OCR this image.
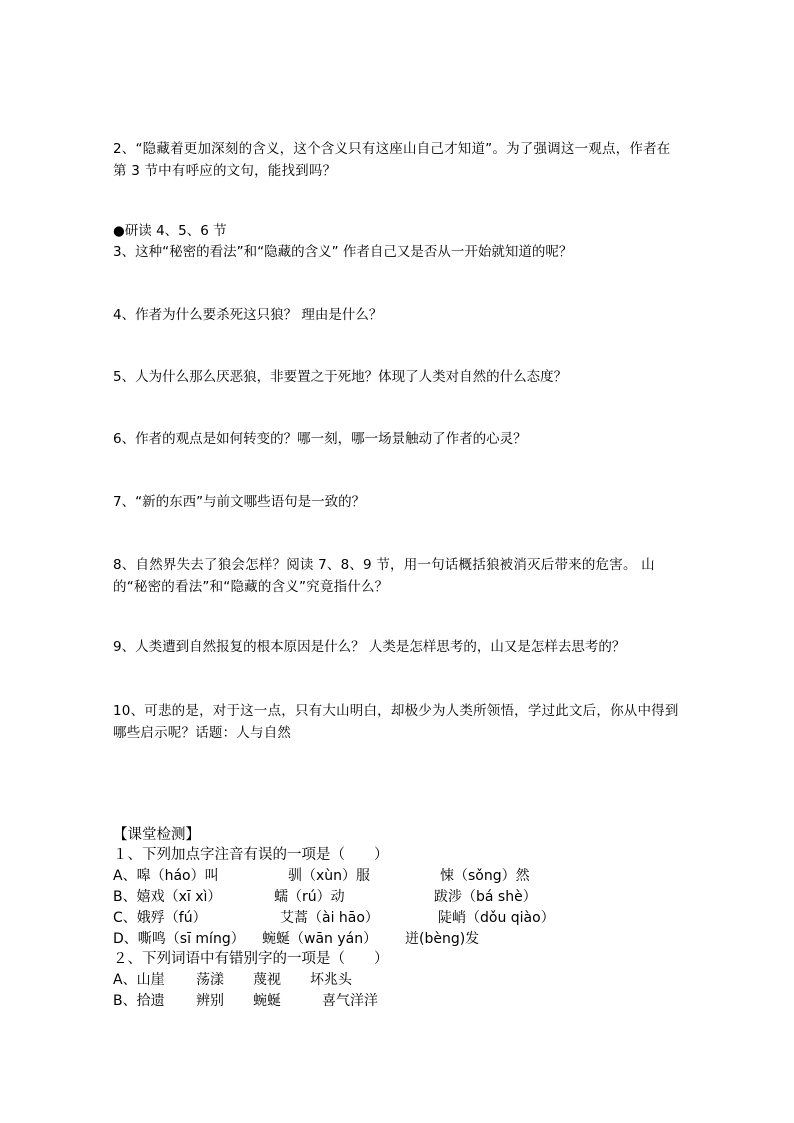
2、“隐藏着更加深刻的含义，这个含义只有这座山自己才知道”。为了强调这一观点，作者在第 3 节中有呼应的文句，能找到吗？
●研读 4、5、6 节
3、这种“秘密的看法”和“隐藏的含义” 作者自己又是否从一开始就知道的呢？
4、作者为什么要杀死这只狼？ 理由是什么？
5、人为什么那么厌恶狼，非要置之于死地？体现了人类对自然的什么态度？
6、作者的观点是如何转变的？哪一刻，哪一场景触动了作者的心灵？
7、“新的东西”与前文哪些语句是一致的？
8、自然界失去了狼会怎样？阅读 7、8、9 节，用一句话概括狼被消灭后带来的危害。 山的“秘密的看法”和“隐藏的含义”究竟指什么？
9、人类遭到自然报复的根本原因是什么？ 人类是怎样思考的，山又是怎样去思考的？
10、可悲的是，对于这一点，只有大山明白，却极少为人类所领悟，学过此文后，你从中得到哪些启示呢？话题：人与自然
【课堂检测】
１、下列加点字注音有误的一项是（　　）
A、嗥（háo）叫	驯（xùn）服	悚（sǒng）然
B、嬉戏（xī xì）	蠕（rú）动	跋涉（bá shè）
C、娥殍（fú）	艾蒿（ài hāo）	陡峭（dǒu qiào）
D、嘶鸣（sī míng） 蜿蜒（wān yán） 迸(bèng)发
２、下列词语中有错别字的一项是（　　）
A、山崖 荡漾 蔑视 坏兆头
B、拾遗 辨别 蜿蜒	喜气洋洋
